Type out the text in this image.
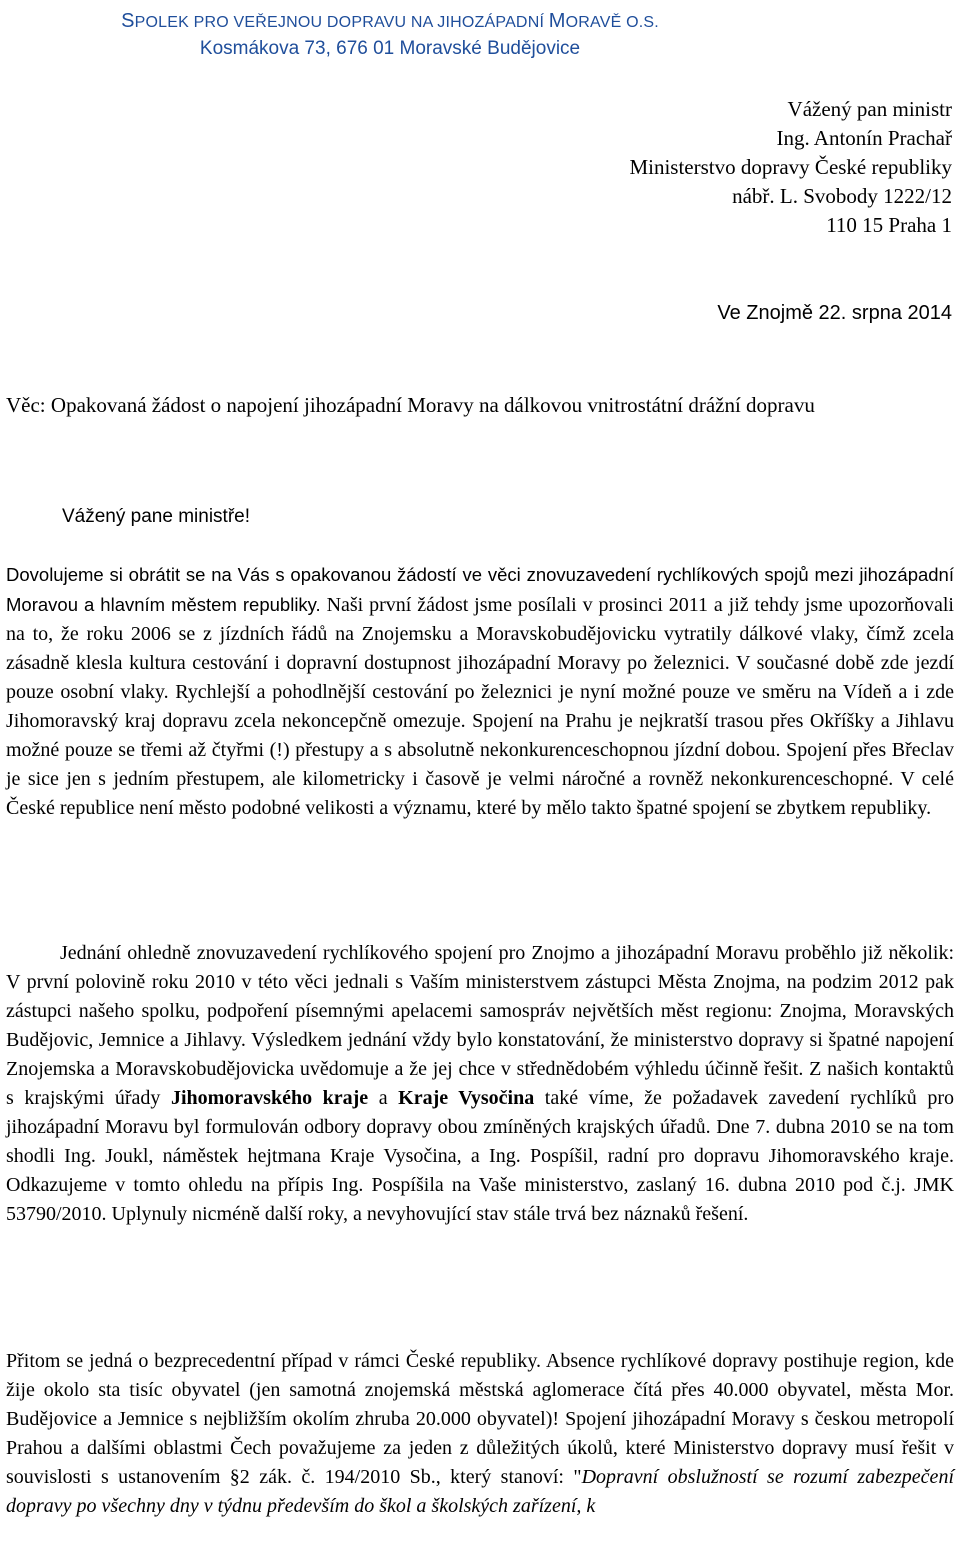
SPOLEK PRO VEŘEJNOU DOPRAVU NA JIHOZÁPADNÍ MORAVĚ O.S.
Kosmákova 73, 676 01 Moravské Budějovice
Vážený pan ministr
Ing. Antonín Prachař
Ministerstvo dopravy České republiky
nábř. L. Svobody 1222/12
110 15 Praha 1
Ve Znojmě 22. srpna 2014
Věc: Opakovaná žádost o napojení jihozápadní Moravy na dálkovou vnitrostátní drážní dopravu
Vážený pane ministře!

Dovolujeme si obrátit se na Vás s opakovanou žádostí ve věci znovuzavedení rychlíkových spojů mezi jihozápadní Moravou a hlavním městem republiky. Naši první žádost jsme posílali v prosinci 2011 a již tehdy jsme upozorňovali na to, že roku 2006 se z jízdních řádů na Znojemsku a Moravskobudějovicku vytratily dálkové vlaky, čímž zcela zásadně klesla kultura cestování i dopravní dostupnost jihozápadní Moravy po železnici. V současné době zde jezdí pouze osobní vlaky. Rychlejší a pohodlnější cestování po železnici je nyní možné pouze ve směru na Vídeň a i zde Jihomoravský kraj dopravu zcela nekoncepčně omezuje. Spojení na Prahu je nejkratší trasou přes Okříšky a Jihlavu možné pouze se třemi až čtyřmi (!) přestupy a s absolutně nekonkurenceschopnou jízdní dobou. Spojení přes Břeclav je sice jen s jedním přestupem, ale kilometricky i časově je velmi náročné a rovněž nekonkurenceschopné. V celé České republice není město podobné velikosti a významu, které by mělo takto špatné spojení se zbytkem republiky.

Jednání ohledně znovuzavedení rychlíkového spojení pro Znojmo a jihozápadní Moravu proběhlo již několik: V první polovině roku 2010 v této věci jednali s Vaším ministerstvem zástupci Města Znojma, na podzim 2012 pak zástupci našeho spolku, podpoření písemnými apelacemi samospráv největších měst regionu: Znojma, Moravských Budějovic, Jemnice a Jihlavy. Výsledkem jednání vždy bylo konstatování, že ministerstvo dopravy si špatné napojení Znojemska a Moravskobudějovicka uvědomuje a že jej chce v střednědobém výhledu účinně řešit. Z našich kontaktů s krajskými úřady Jihomoravského kraje a Kraje Vysočina také víme, že požadavek zavedení rychlíků pro jihozápadní Moravu byl formulován odbory dopravy obou zmíněných krajských úřadů. Dne 7. dubna 2010 se na tom shodli Ing. Joukl, náměstek hejtmana Kraje Vysočina, a Ing. Pospíšil, radní pro dopravu Jihomoravského kraje. Odkazujeme v tomto ohledu na přípis Ing. Pospíšila na Vaše ministerstvo, zaslaný 16. dubna 2010 pod č.j. JMK 53790/2010. Uplynuly nicméně další roky, a nevyhovující stav stále trvá bez náznaků řešení.

Přitom se jedná o bezprecedentní případ v rámci České republiky. Absence rychlíkové dopravy postihuje region, kde žije okolo sta tisíc obyvatel (jen samotná znojemská městská aglomerace čítá přes 40.000 obyvatel, města Mor. Budějovice a Jemnice s nejbližším okolím zhruba 20.000 obyvatel)! Spojení jihozápadní Moravy s českou metropolí Prahou a dalšími oblastmi Čech považujeme za jeden z důležitých úkolů, které Ministerstvo dopravy musí řešit v souvislosti s ustanovením §2 zák. č. 194/2010 Sb., který stanoví: "Dopravní obslužností se rozumí zabezpečení dopravy po všechny dny v týdnu především do škol a školských zařízení, k
